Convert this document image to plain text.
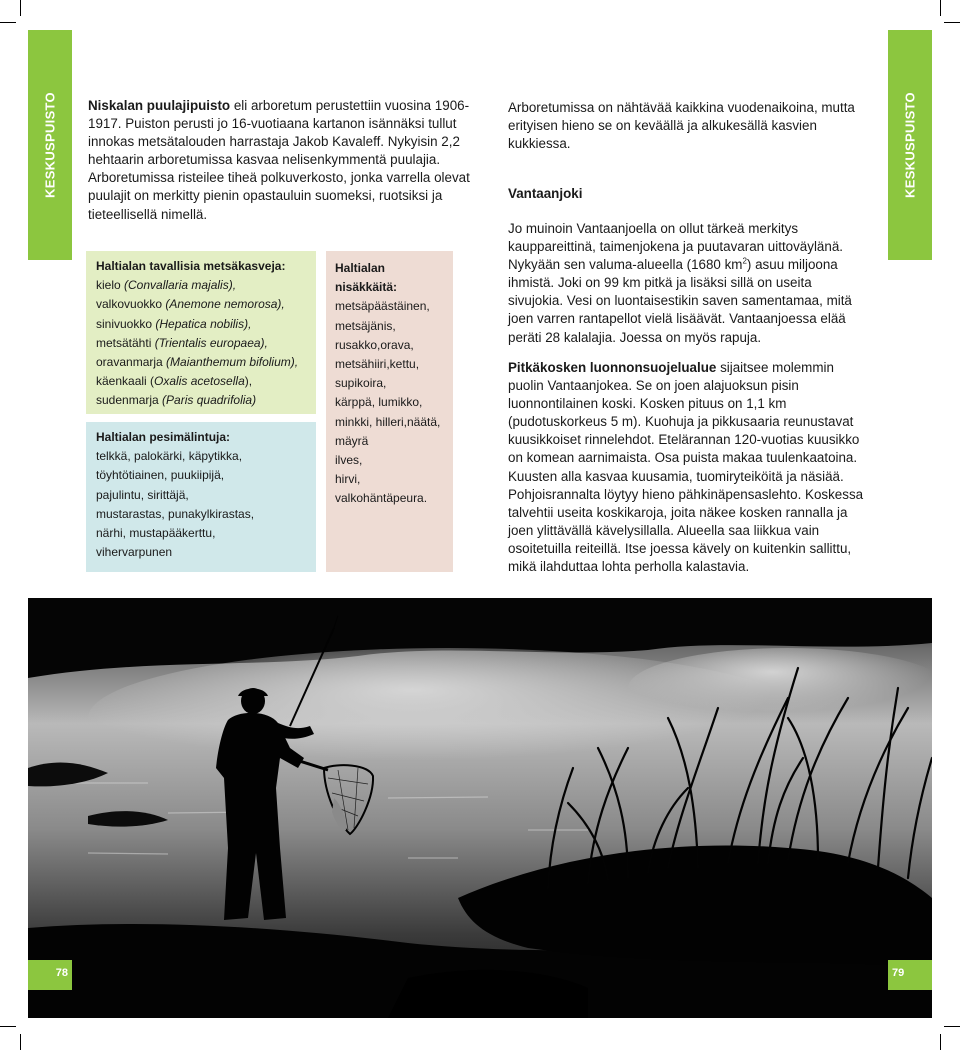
KESKUSPUISTO	KESKUSPUISTO

Niskalan puulajipuisto eli arboretum perustettiin vuosina 1906-1917. Puiston perusti jo 16-vuotiaana kartanon isännäksi tullut innokas metsätalouden harrastaja Jakob Kavaleff. Nykyisin 2,2 hehtaarin arboretumissa kasvaa nelisenkymmentä puulajia. Arboretumissa risteilee tiheä polkuverkosto, jonka varrella olevat puulajit on merkitty pienin opastauluin suomeksi, ruotsiksi ja tieteellisellä nimellä.

Haltialan tavallisia metsäkasveja:
kielo (Convallaria majalis),
valkovuokko (Anemone nemorosa),
sinivuokko (Hepatica nobilis),
metsätähti (Trientalis europaea),
oravanmarja (Maianthemum bifolium),
käenkaali (Oxalis acetosella),
sudenmarja (Paris quadrifolia)
Haltialan pesimälintuja:
telkkä, palokärki, käpytikka,
töyhtötiainen, puukiipijä,
pajulintu, sirittäjä,
mustarastas, punakylkirastas,
närhi, mustapääkerttu,
vihervarpunen
Haltialan
nisäkkäitä:
metsäpäästäinen,
metsäjänis,
rusakko,orava,
metsähiiri,kettu,
supikoira,
kärppä, lumikko,
minkki, hilleri,näätä,
mäyrä
ilves,
hirvi,
valkohäntäpeura.

Arboretumissa on nähtävää kaikkina vuodenaikoina, mutta erityisen hieno se on keväällä ja alkukesällä kasvien kukkiessa.

Vantaanjoki

Jo muinoin Vantaanjoella on ollut tärkeä merkitys kauppareittinä, taimenjokena ja puutavaran uittoväylänä. Nykyään sen valuma-alueella (1680 $km^2$) asuu miljoona ihmistä. Joki on 99 km pitkä ja lisäksi sillä on useita sivujokia. Vesi on luontaisestikin saven samentamaa, mitä joen varren rantapellot vielä lisäävät. Vantaanjoessa elää peräti 28 kalalajia. Joessa on myös rapuja.

Pitkäkosken luonnonsuojelualue sijaitsee molemmin puolin Vantaanjokea. Se on joen alajuoksun pisin luonnontilainen koski. Kosken pituus on 1,1 km (pudotuskorkeus 5 m). Kuohuja ja pikkusaaria reunustavat kuusikkoiset rinnelehdot. Etelärannan 120-vuotias kuusikko on komean aarnimaista. Osa puista makaa tuulenkaatoina. Kuusten alla kasvaa kuusamia, tuomiryteiköitä ja näsiää. Pohjoisrannalta löytyy hieno pähkinäpensaslehto. Koskessa talvehtii useita koskikaroja, joita näkee kosken rannalla ja joen ylittävällä kävelysillalla. Alueella saa liikkua vain osoitetuilla reiteillä. Itse joessa kävely on kuitenkin sallittu, mikä ilahduttaa lohta perholla kalastavia.

78	79
